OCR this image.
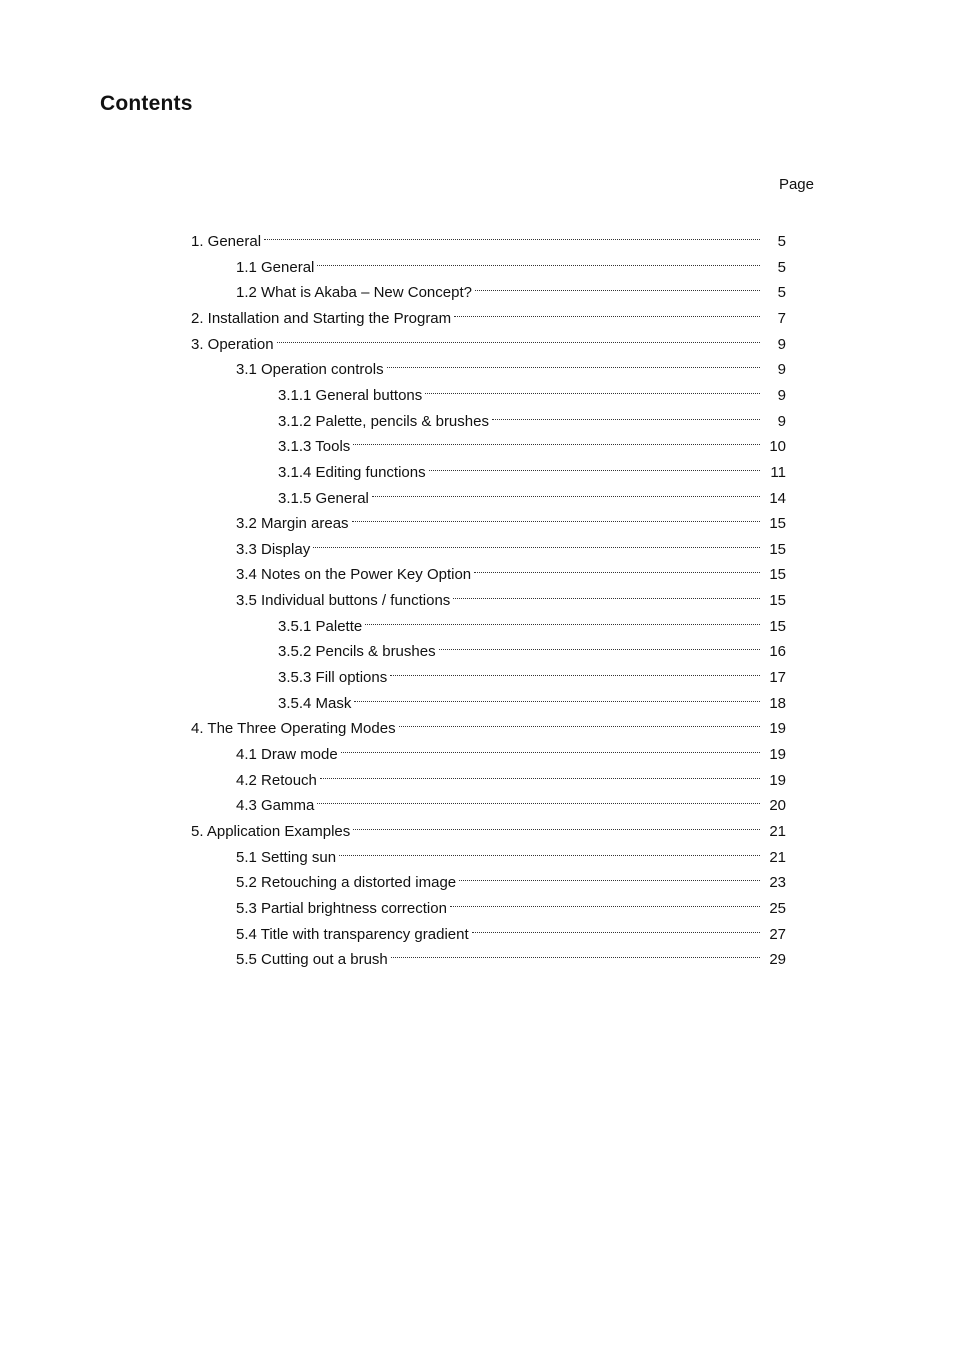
Contents
Page
1. General	5
1.1 General	5
1.2 What is Akaba – New Concept?	5
2. Installation and Starting the Program	7
3. Operation	9
3.1 Operation controls	9
3.1.1 General buttons	9
3.1.2 Palette, pencils & brushes	9
3.1.3 Tools	10
3.1.4 Editing functions	11
3.1.5 General	14
3.2 Margin areas	15
3.3 Display	15
3.4 Notes on the Power Key Option	15
3.5 Individual buttons / functions	15
3.5.1 Palette	15
3.5.2 Pencils & brushes	16
3.5.3 Fill options	17
3.5.4 Mask	18
4. The Three Operating Modes	19
4.1 Draw mode	19
4.2 Retouch	19
4.3 Gamma	20
5. Application Examples	21
5.1 Setting sun	21
5.2 Retouching a distorted image	23
5.3 Partial brightness correction	25
5.4 Title with transparency gradient	27
5.5 Cutting out a brush	29
